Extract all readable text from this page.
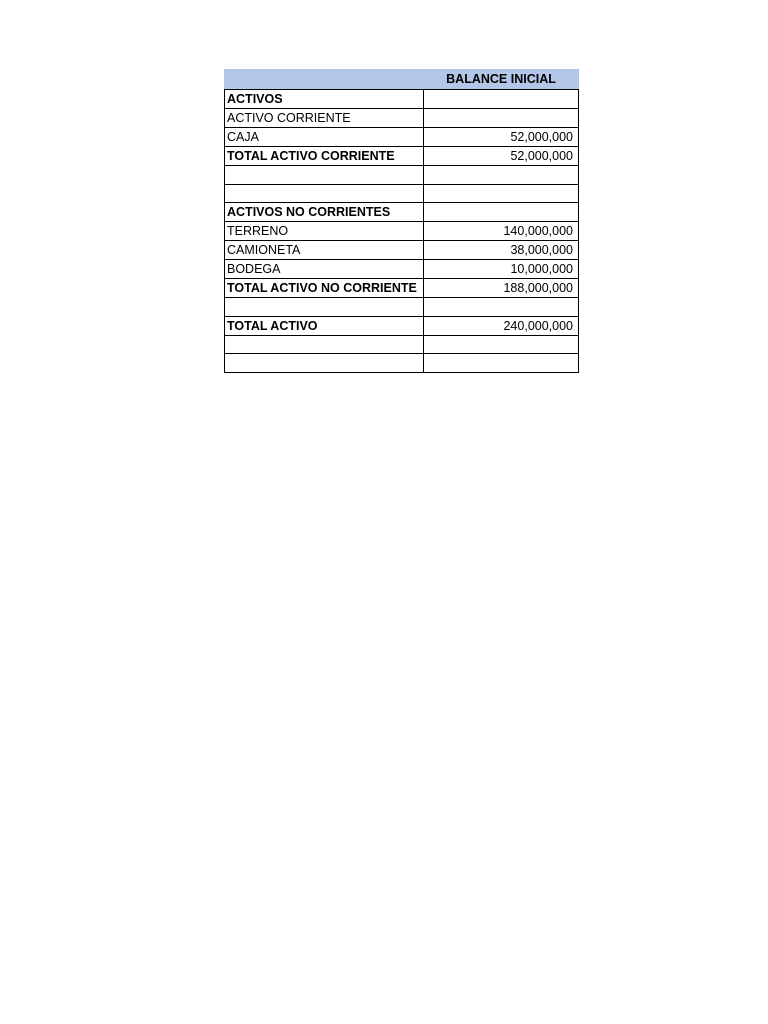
BALANCE INICIAL
ACTIVOS	
ACTIVO CORRIENTE	
CAJA	52,000,000
TOTAL ACTIVO CORRIENTE	52,000,000

ACTIVOS NO CORRIENTES	
TERRENO	140,000,000
CAMIONETA	38,000,000
BODEGA	10,000,000
TOTAL ACTIVO NO CORRIENTE	188,000,000

TOTAL ACTIVO	240,000,000
